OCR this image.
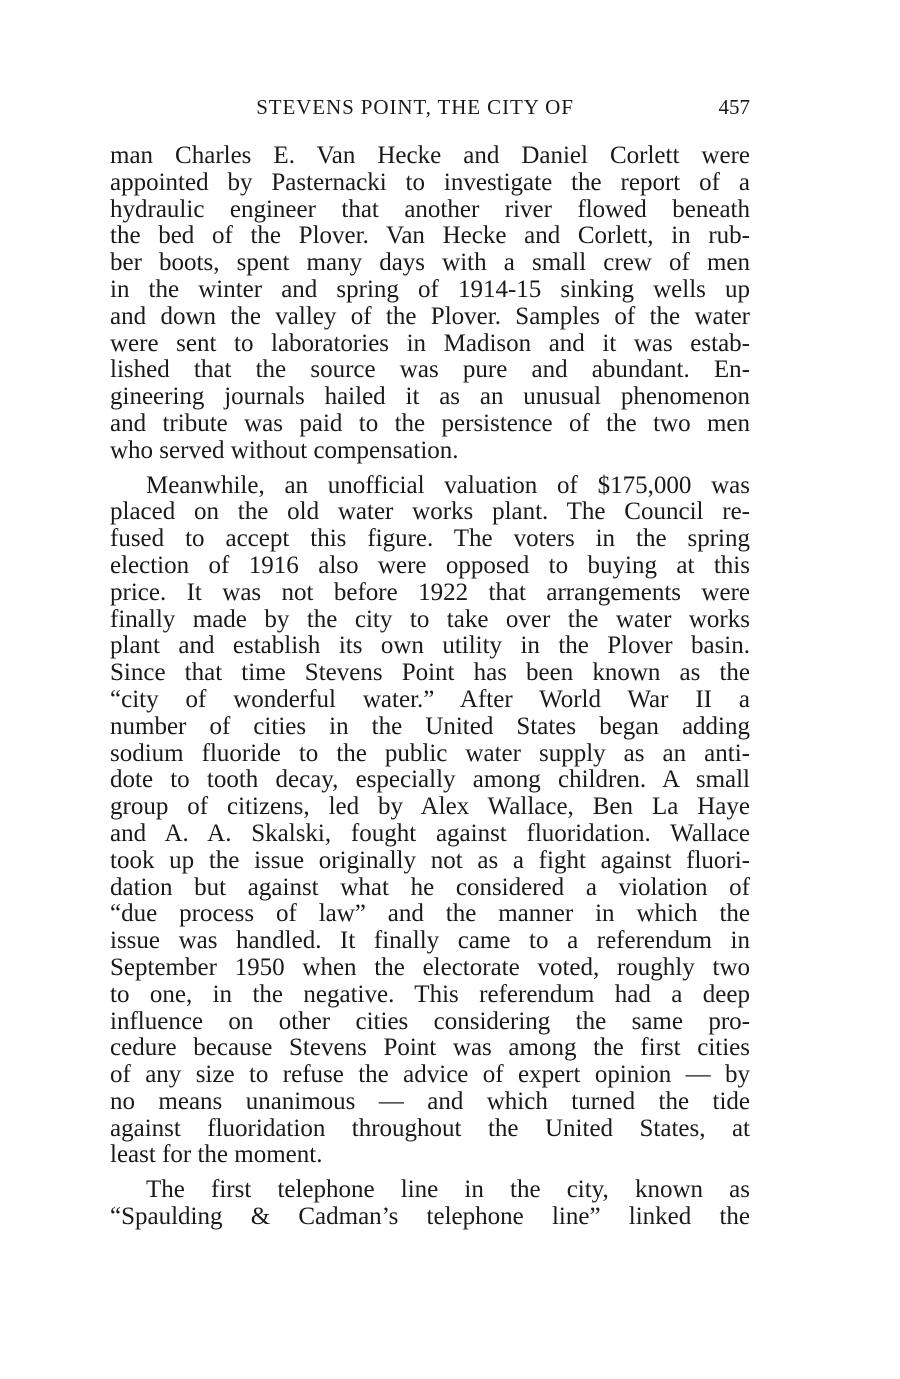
STEVENS POINT, THE CITY OF	457

man Charles E. Van Hecke and Daniel Corlett were
appointed by Pasternacki to investigate the report of a
hydraulic engineer that another river flowed beneath
the bed of the Plover. Van Hecke and Corlett, in rub-
ber boots, spent many days with a small crew of men
in the winter and spring of 1914-15 sinking wells up
and down the valley of the Plover. Samples of the water
were sent to laboratories in Madison and it was estab-
lished that the source was pure and abundant. En-
gineering journals hailed it as an unusual phenomenon
and tribute was paid to the persistence of the two men
who served without compensation.

Meanwhile, an unofficial valuation of $175,000 was
placed on the old water works plant. The Council re-
fused to accept this figure. The voters in the spring
election of 1916 also were opposed to buying at this
price. It was not before 1922 that arrangements were
finally made by the city to take over the water works
plant and establish its own utility in the Plover basin.
Since that time Stevens Point has been known as the
“city of wonderful water.” After World War II a
number of cities in the United States began adding
sodium fluoride to the public water supply as an anti-
dote to tooth decay, especially among children. A small
group of citizens, led by Alex Wallace, Ben La Haye
and A. A. Skalski, fought against fluoridation. Wallace
took up the issue originally not as a fight against fluori-
dation but against what he considered a violation of
“due process of law” and the manner in which the
issue was handled. It finally came to a referendum in
September 1950 when the electorate voted, roughly two
to one, in the negative. This referendum had a deep
influence on other cities considering the same pro-
cedure because Stevens Point was among the first cities
of any size to refuse the advice of expert opinion — by
no means unanimous — and which turned the tide
against fluoridation throughout the United States, at
least for the moment.

The first telephone line in the city, known as
“Spaulding & Cadman’s telephone line” linked the
